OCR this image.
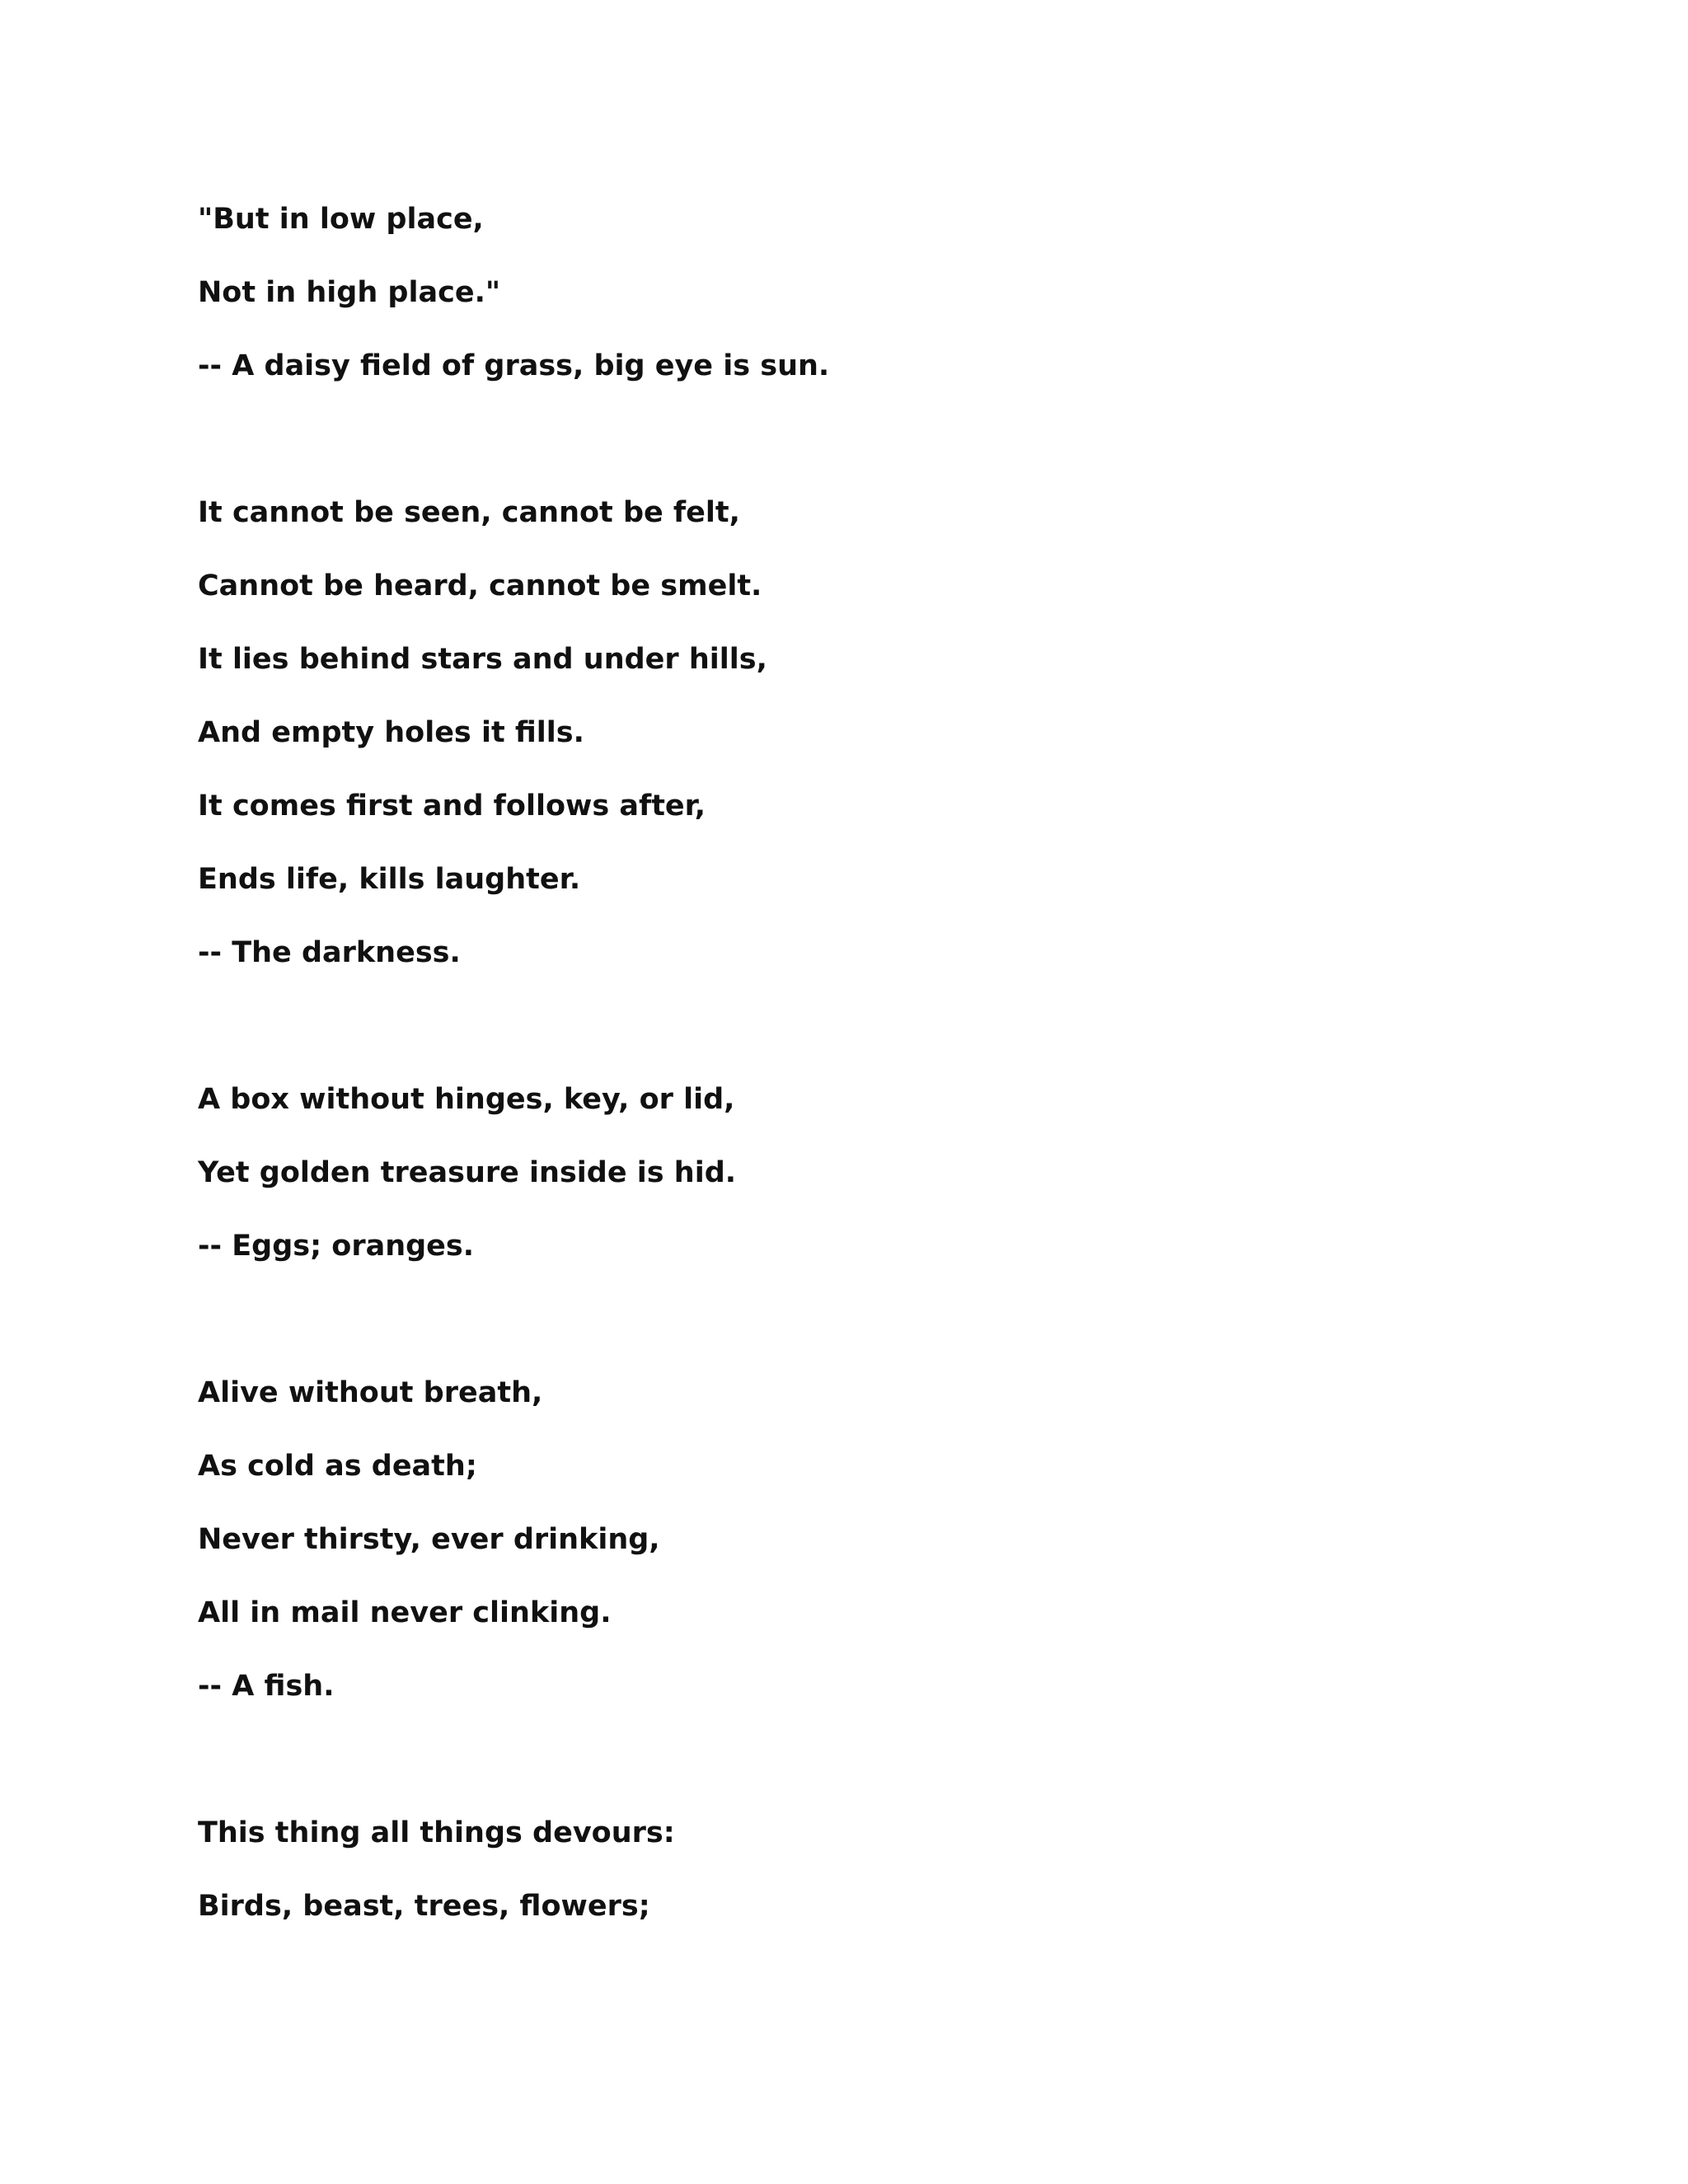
"But in low place,

Not in high place."

-- A daisy field of grass, big eye is sun.

It cannot be seen, cannot be felt,

Cannot be heard, cannot be smelt.

It lies behind stars and under hills,

And empty holes it fills.

It comes first and follows after,

Ends life, kills laughter.

-- The darkness.

A box without hinges, key, or lid,

Yet golden treasure inside is hid.

-- Eggs; oranges.

Alive without breath,

As cold as death;

Never thirsty, ever drinking,

All in mail never clinking.

-- A fish.

This thing all things devours:

Birds, beast, trees, flowers;
